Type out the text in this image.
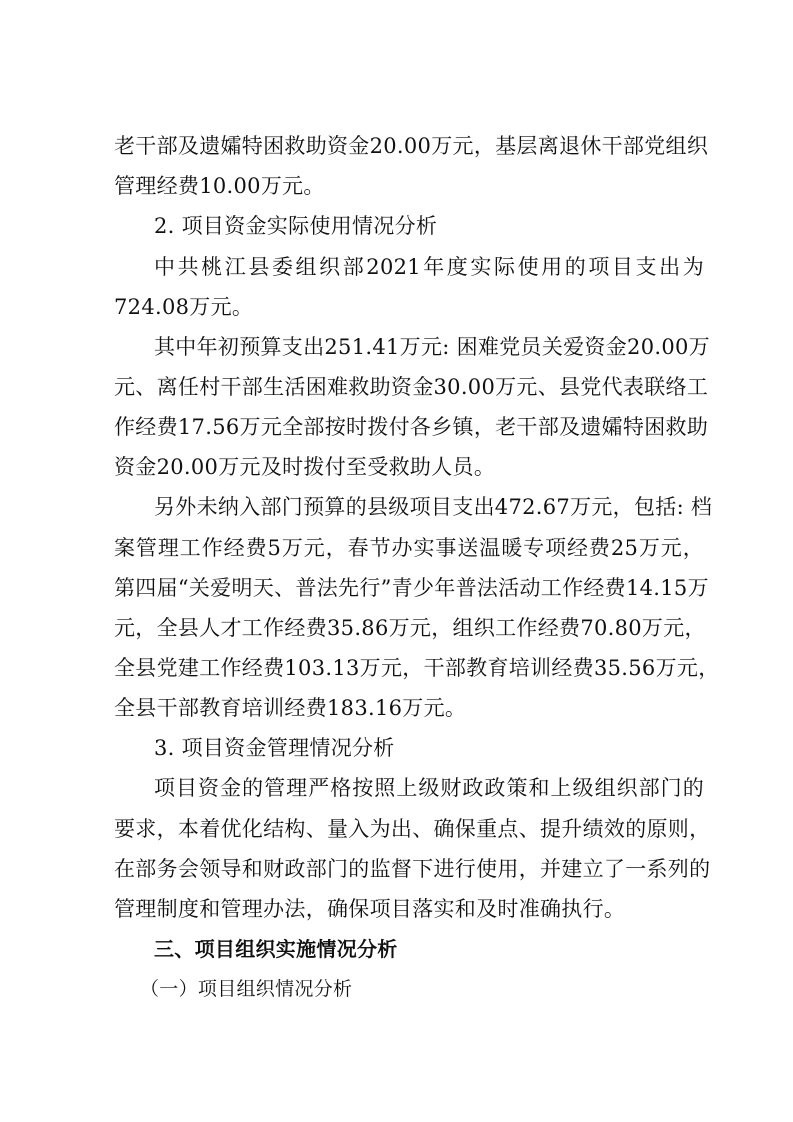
老干部及遗孀特困救助资金20.00万元，基层离退休干部党组织
管理经费10.00万元。
2. 项目资金实际使用情况分析
中共桃江县委组织部2021年度实际使用的项目支出为
724.08万元。
其中年初预算支出251.41万元: 困难党员关爱资金20.00万
元、离任村干部生活困难救助资金30.00万元、县党代表联络工
作经费17.56万元全部按时拨付各乡镇，老干部及遗孀特困救助
资金20.00万元及时拨付至受救助人员。
另外未纳入部门预算的县级项目支出472.67万元，包括: 档
案管理工作经费5万元，春节办实事送温暖专项经费25万元，
第四届“关爱明天、普法先行”青少年普法活动工作经费14.15万
元，全县人才工作经费35.86万元，组织工作经费70.80万元，
全县党建工作经费103.13万元，干部教育培训经费35.56万元，
全县干部教育培训经费183.16万元。
3. 项目资金管理情况分析
项目资金的管理严格按照上级财政政策和上级组织部门的
要求，本着优化结构、量入为出、确保重点、提升绩效的原则，
在部务会领导和财政部门的监督下进行使用，并建立了一系列的
管理制度和管理办法，确保项目落实和及时准确执行。
三、项目组织实施情况分析
（一）项目组织情况分析
